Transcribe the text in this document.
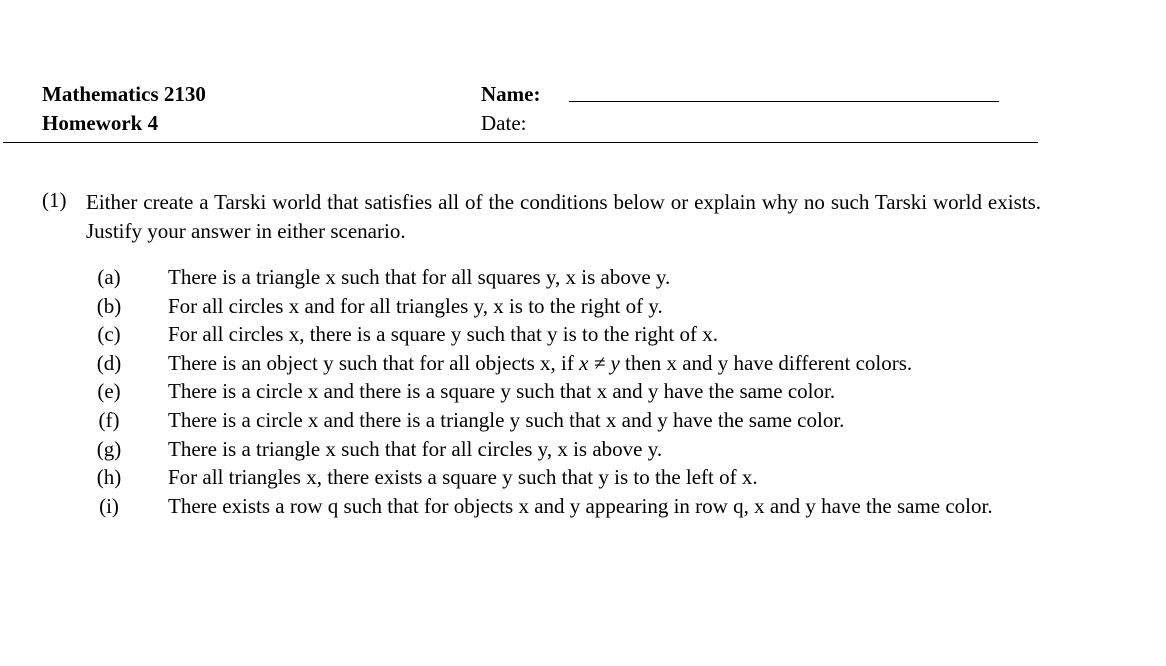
Mathematics 2130
Homework 4
Name:
Date:
(1) Either create a Tarski world that satisfies all of the conditions below or explain why no such Tarski world exists. Justify your answer in either scenario.
(a) There is a triangle x such that for all squares y, x is above y.
(b) For all circles x and for all triangles y, x is to the right of y.
(c) For all circles x, there is a square y such that y is to the right of x.
(d) There is an object y such that for all objects x, if x ≠ y then x and y have different colors.
(e) There is a circle x and there is a square y such that x and y have the same color.
(f)	There is a circle x and there is a triangle y such that x and y have the same color.
(g) There is a triangle x such that for all circles y, x is above y.
(h) For all triangles x, there exists a square y such that y is to the left of x.
(i)	There exists a row q such that for objects x and y appearing in row q, x and y have the same color.
